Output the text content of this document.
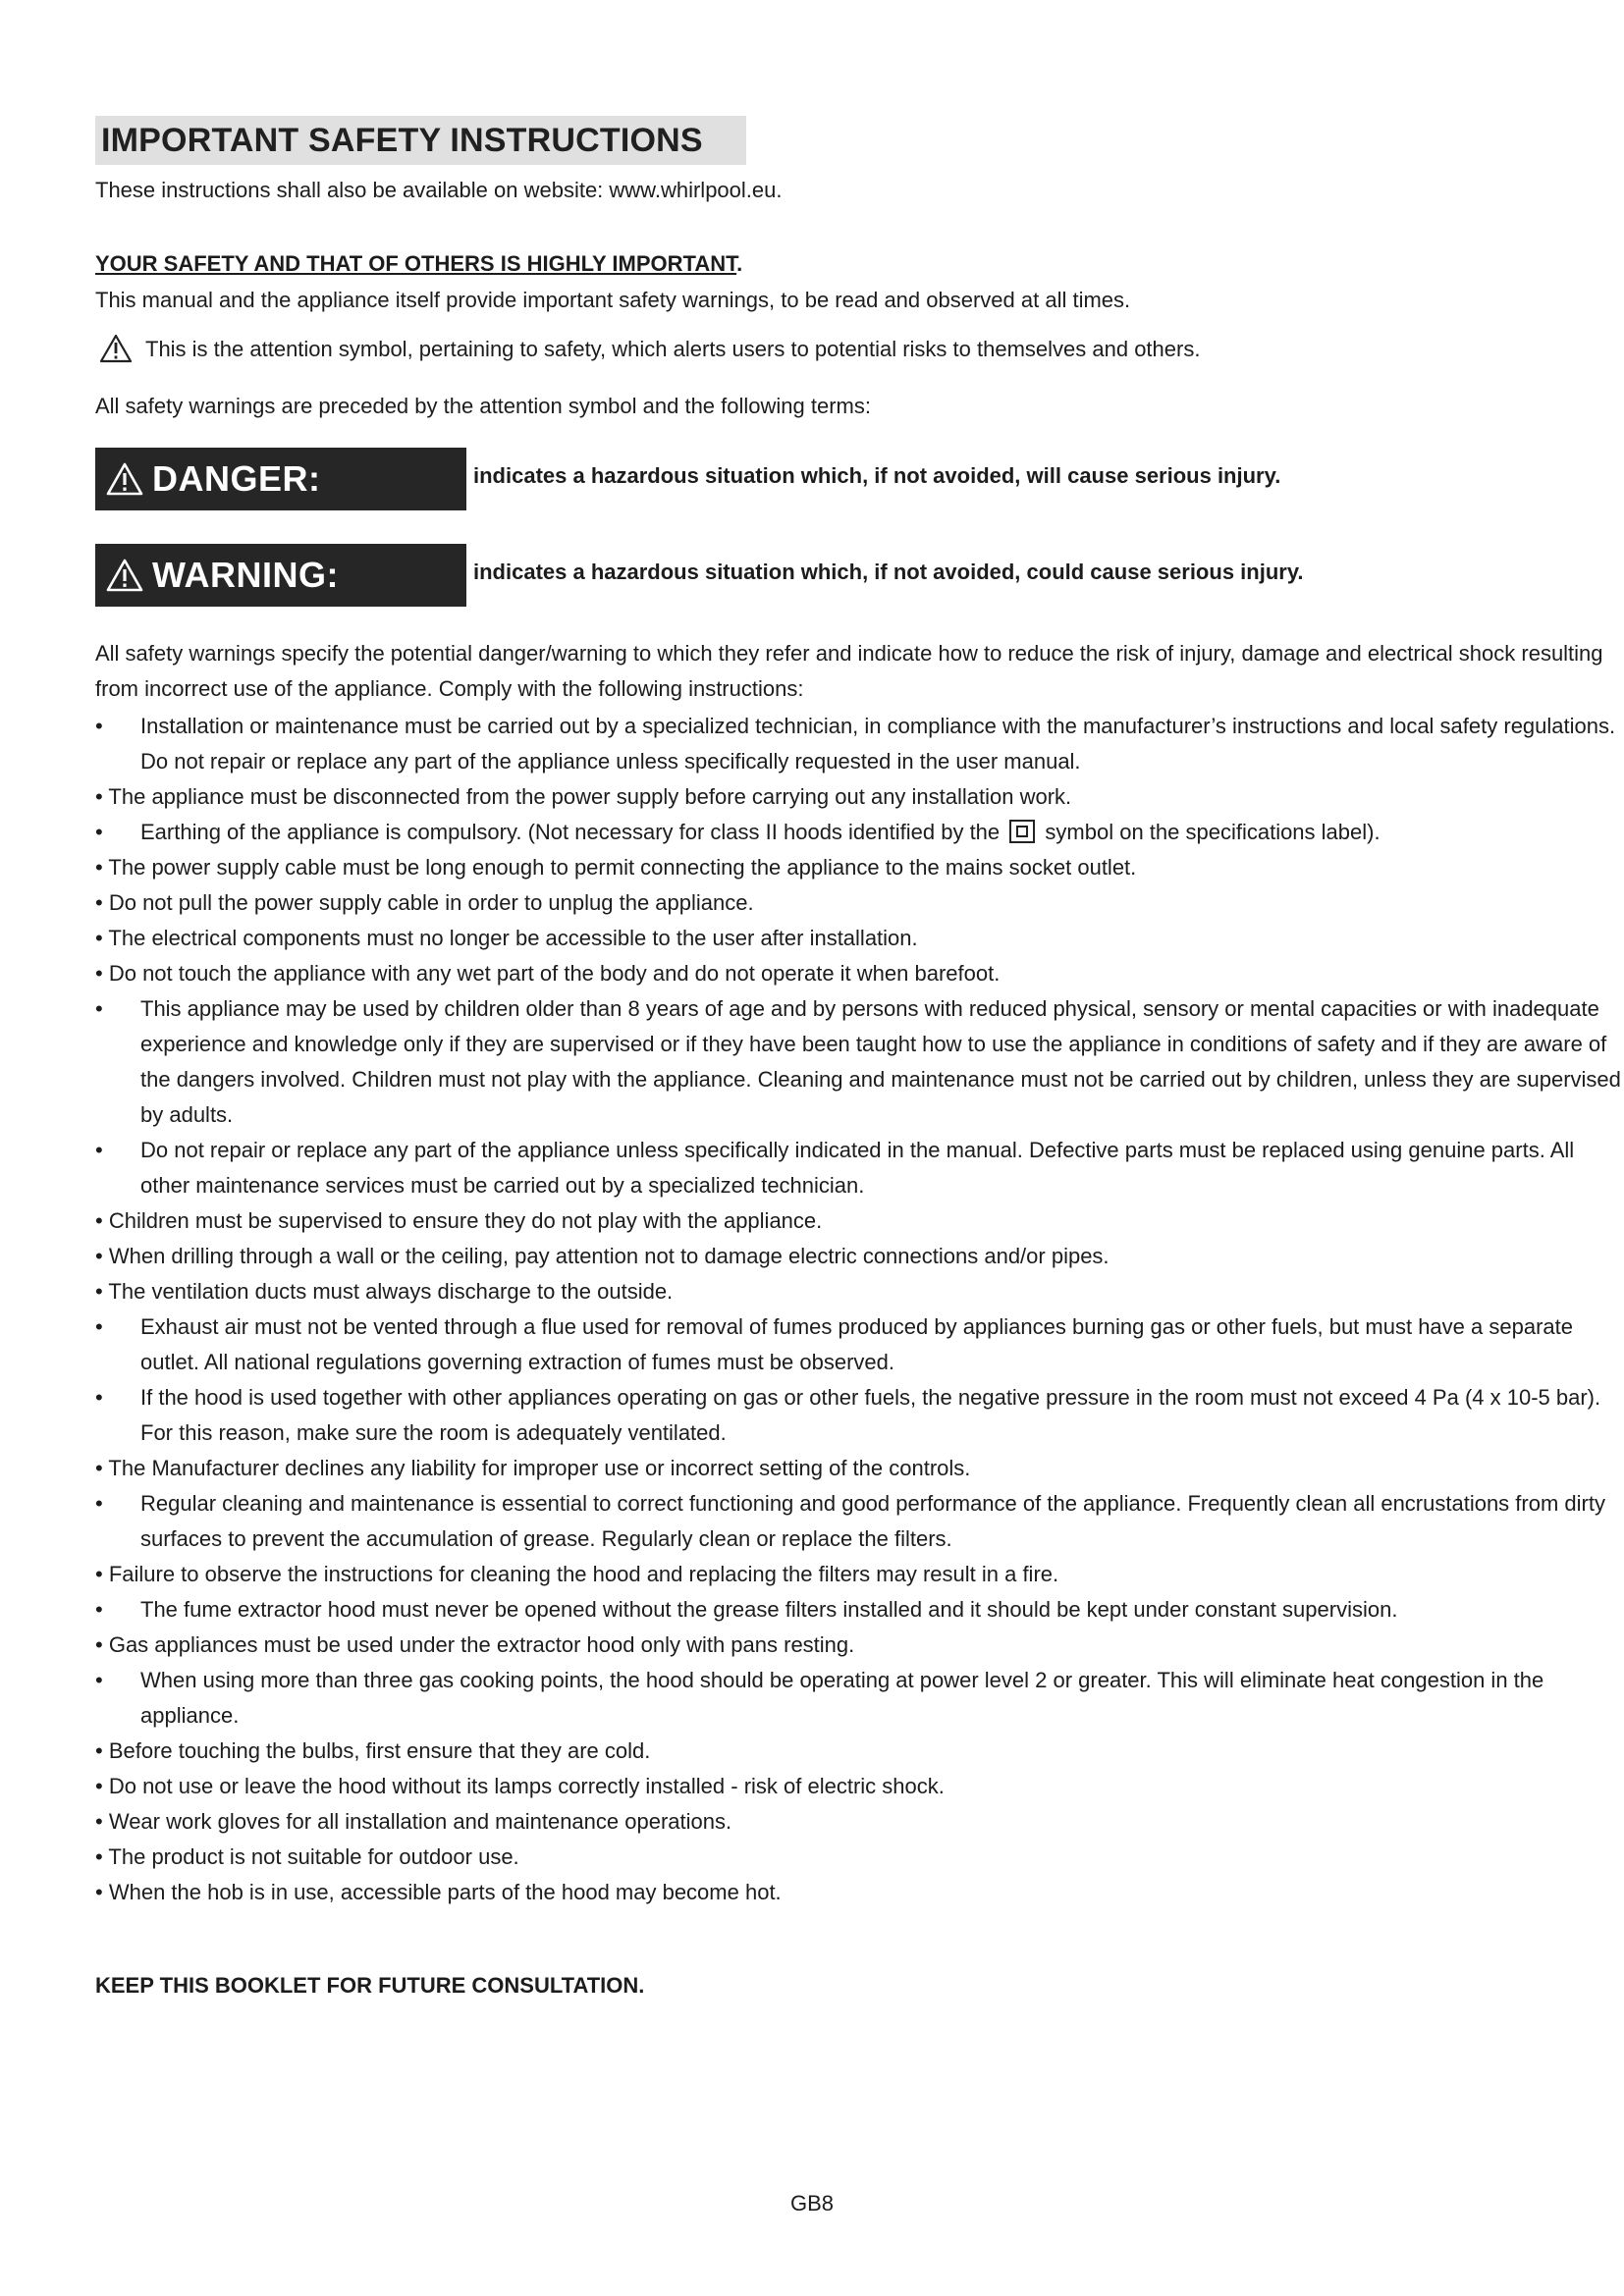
IMPORTANT SAFETY INSTRUCTIONS
These instructions shall also be available on website: www.whirlpool.eu.
YOUR SAFETY AND THAT OF OTHERS IS HIGHLY IMPORTANT.
This manual and the appliance itself provide important safety warnings, to be read and observed at all times.
This is the attention symbol, pertaining to safety, which alerts users to potential risks to themselves and others.
All safety warnings are preceded by the attention symbol and the following terms:
DANGER:	indicates a hazardous situation which, if not avoided, will cause serious injury.
WARNING:	indicates a hazardous situation which, if not avoided, could cause serious injury.
All safety warnings specify the potential danger/warning to which they refer and indicate how to reduce the risk of injury, damage and electrical shock resulting
from incorrect use of the appliance. Comply with the following instructions:
•	Installation or maintenance must be carried out by a specialized technician, in compliance with the manufacturer’s instructions and local safety regulations.
Do not repair or replace any part of the appliance unless specifically requested in the user manual.
• The appliance must be disconnected from the power supply before carrying out any installation work.
•	Earthing of the appliance is compulsory. (Not necessary for class II hoods identified by the symbol on the specifications label).
• The power supply cable must be long enough to permit connecting the appliance to the mains socket outlet.
• Do not pull the power supply cable in order to unplug the appliance.
• The electrical components must no longer be accessible to the user after installation.
• Do not touch the appliance with any wet part of the body and do not operate it when barefoot.
•	This appliance may be used by children older than 8 years of age and by persons with reduced physical, sensory or mental capacities or with inadequate
experience and knowledge only if they are supervised or if they have been taught how to use the appliance in conditions of safety and if they are aware of
the dangers involved. Children must not play with the appliance. Cleaning and maintenance must not be carried out by children, unless they are supervised
by adults.
•	Do not repair or replace any part of the appliance unless specifically indicated in the manual. Defective parts must be replaced using genuine parts. All
other maintenance services must be carried out by a specialized technician.
• Children must be supervised to ensure they do not play with the appliance.
• When drilling through a wall or the ceiling, pay attention not to damage electric connections and/or pipes.
• The ventilation ducts must always discharge to the outside.
•	Exhaust air must not be vented through a flue used for removal of fumes produced by appliances burning gas or other fuels, but must have a separate
outlet. All national regulations governing extraction of fumes must be observed.
•	If the hood is used together with other appliances operating on gas or other fuels, the negative pressure in the room must not exceed 4 Pa (4 x 10-5 bar).
For this reason, make sure the room is adequately ventilated.
• The Manufacturer declines any liability for improper use or incorrect setting of the controls.
•	Regular cleaning and maintenance is essential to correct functioning and good performance of the appliance. Frequently clean all encrustations from dirty
surfaces to prevent the accumulation of grease. Regularly clean or replace the filters.
• Failure to observe the instructions for cleaning the hood and replacing the filters may result in a fire.
•	The fume extractor hood must never be opened without the grease filters installed and it should be kept under constant supervision.
• Gas appliances must be used under the extractor hood only with pans resting.
•	When using more than three gas cooking points, the hood should be operating at power level 2 or greater. This will eliminate heat congestion in the
appliance.
• Before touching the bulbs, first ensure that they are cold.
• Do not use or leave the hood without its lamps correctly installed - risk of electric shock.
• Wear work gloves for all installation and maintenance operations.
• The product is not suitable for outdoor use.
• When the hob is in use, accessible parts of the hood may become hot.
KEEP THIS BOOKLET FOR FUTURE CONSULTATION.
GB8
